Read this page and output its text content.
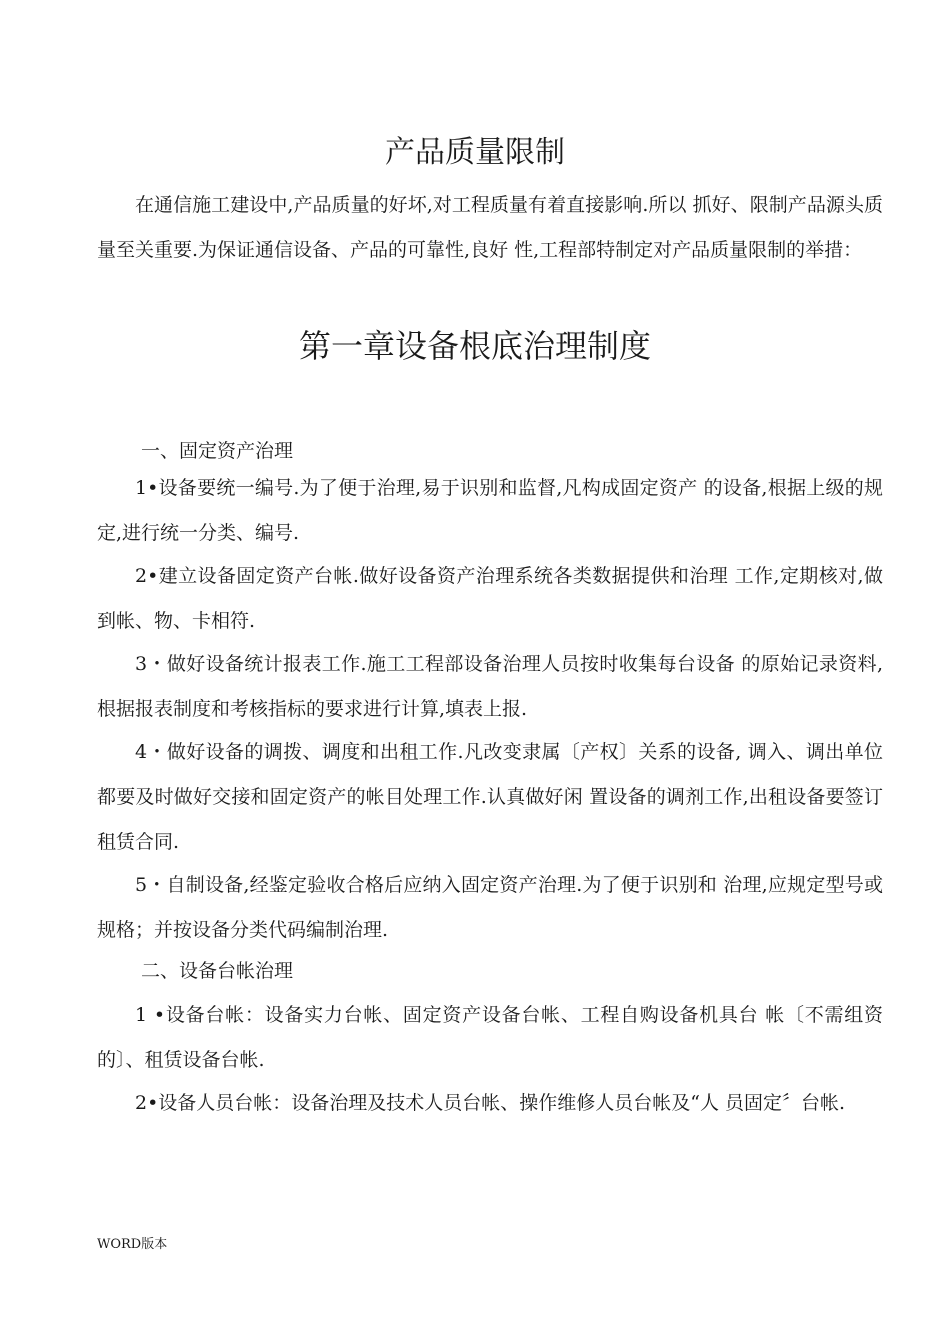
产品质量限制

在通信施工建设中,产品质量的好坏,对工程质量有着直接影响.所以 抓好、限制产品源头质量至关重要.为保证通信设备、产品的可靠性,良好 性,工程部特制定对产品质量限制的举措：

第一章设备根底治理制度

一、固定资产治理

1•设备要统一编号.为了便于治理,易于识别和监督,凡构成固定资产 的设备,根据上级的规定,进行统一分类、编号.

2•建立设备固定资产台帐.做好设备资产治理系统各类数据提供和治理 工作,定期核对,做到帐、物、卡相符.

3・做好设备统计报表工作.施工工程部设备治理人员按时收集每台设备 的原始记录资料,根据报表制度和考核指标的要求进行计算,填表上报.

4・做好设备的调拨、调度和出租工作.凡改变隶属〔产权〕关系的设备, 调入、调出单位都要及时做好交接和固定资产的帐目处理工作.认真做好闲 置设备的调剂工作,出租设备要签订租赁合同.

5・自制设备,经鉴定验收合格后应纳入固定资产治理.为了便于识别和 治理,应规定型号或规格；并按设备分类代码编制治理.

二、设备台帐治理

1 •设备台帐：设备实力台帐、固定资产设备台帐、工程自购设备机具台 帐〔不需组资的〕、租赁设备台帐.

2•设备人员台帐：设备治理及技术人员台帐、操作维修人员台帐及“人 员固定〞台帐.

WORD版本
